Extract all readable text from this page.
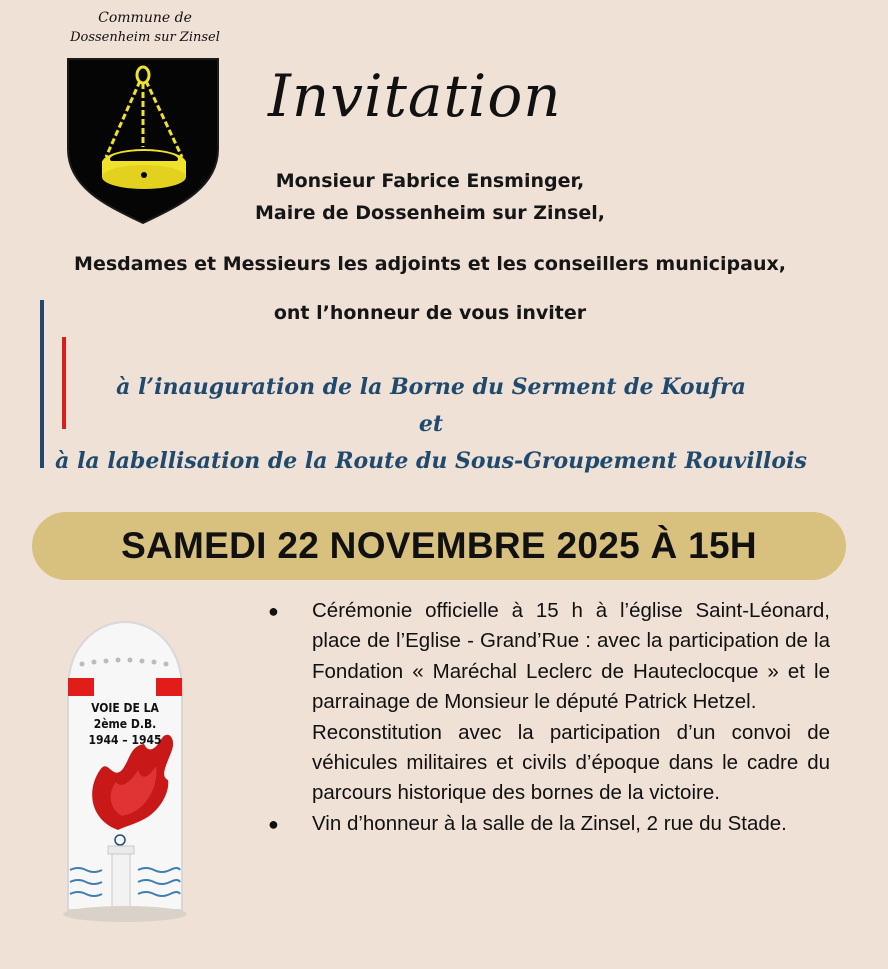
Commune de
Dossenheim sur Zinsel
Invitation
Monsieur Fabrice Ensminger,
Maire de Dossenheim sur Zinsel,
Mesdames et Messieurs les adjoints et les conseillers municipaux,
ont l’honneur de vous inviter
à l’inauguration de la Borne du Serment de Koufra
et
à la labellisation de la Route du Sous-Groupement Rouvillois
SAMEDI 22 NOVEMBRE 2025 À 15H
VOIE DE LA
2ème D.B.
1944 – 1945
●	Cérémonie officielle à 15 h à l’église Saint-Léonard, place de l’Eglise - Grand’Rue : avec la participation de la Fondation « Maréchal Leclerc de Hauteclocque » et le parrainage de Monsieur le député Patrick Hetzel.

Reconstitution avec la participation d’un convoi de véhicules militaires et civils d’époque dans le cadre du parcours historique des bornes de la victoire.

●	Vin d’honneur à la salle de la Zinsel, 2 rue du Stade.
